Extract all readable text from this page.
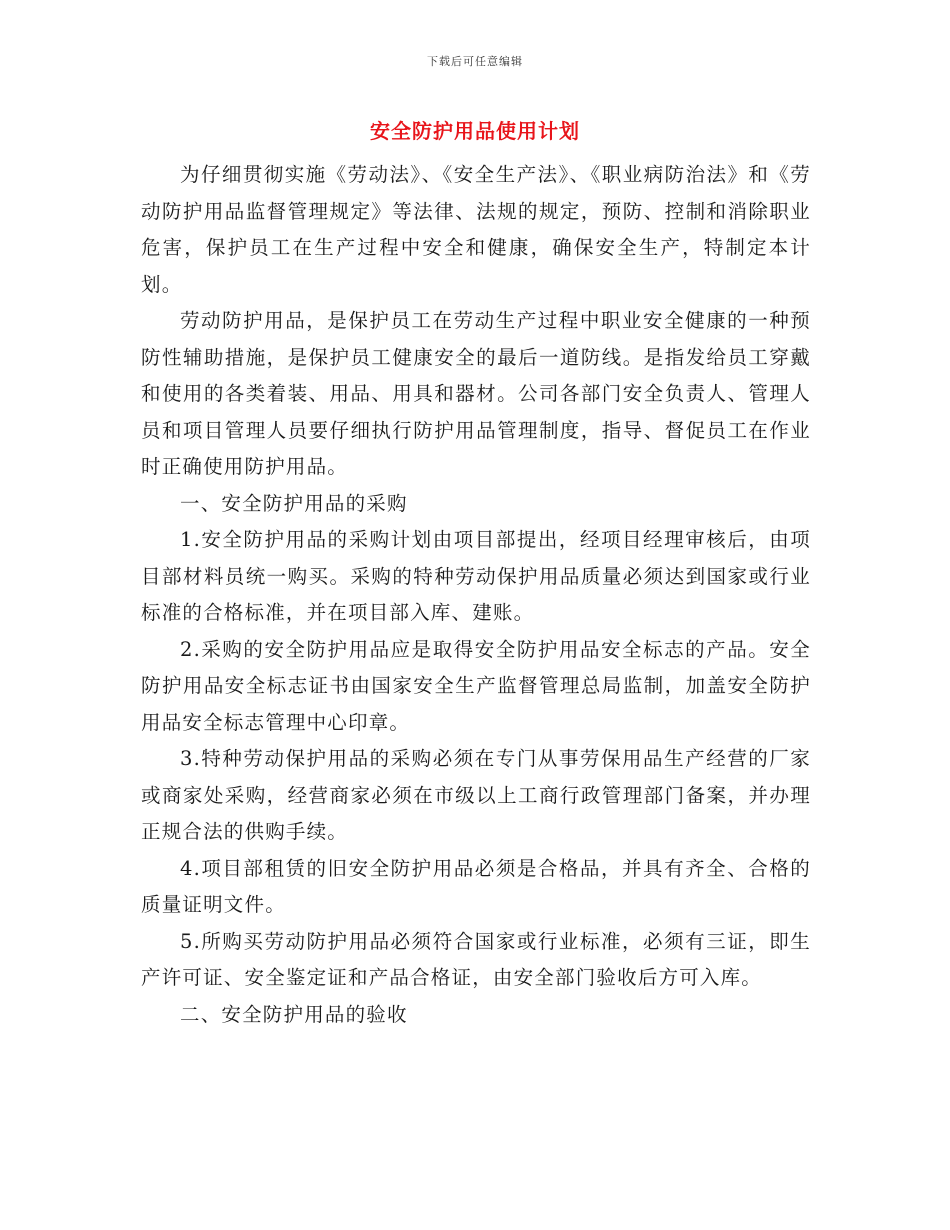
下载后可任意编辑
安全防护用品使用计划

为仔细贯彻实施《劳动法》、《安全生产法》、《职业病防治法》和《劳动防护用品监督管理规定》等法律、法规的规定，预防、控制和消除职业危害，保护员工在生产过程中安全和健康，确保安全生产，特制定本计划。

劳动防护用品，是保护员工在劳动生产过程中职业安全健康的一种预防性辅助措施，是保护员工健康安全的最后一道防线。是指发给员工穿戴和使用的各类着装、用品、用具和器材。公司各部门安全负责人、管理人员和项目管理人员要仔细执行防护用品管理制度，指导、督促员工在作业时正确使用防护用品。

一、安全防护用品的采购

1.安全防护用品的采购计划由项目部提出，经项目经理审核后，由项目部材料员统一购买。采购的特种劳动保护用品质量必须达到国家或行业标准的合格标准，并在项目部入库、建账。

2.采购的安全防护用品应是取得安全防护用品安全标志的产品。安全防护用品安全标志证书由国家安全生产监督管理总局监制，加盖安全防护用品安全标志管理中心印章。

3.特种劳动保护用品的采购必须在专门从事劳保用品生产经营的厂家或商家处采购，经营商家必须在市级以上工商行政管理部门备案，并办理正规合法的供购手续。

4.项目部租赁的旧安全防护用品必须是合格品，并具有齐全、合格的质量证明文件。

5.所购买劳动防护用品必须符合国家或行业标准，必须有三证，即生产许可证、安全鉴定证和产品合格证，由安全部门验收后方可入库。

二、安全防护用品的验收
